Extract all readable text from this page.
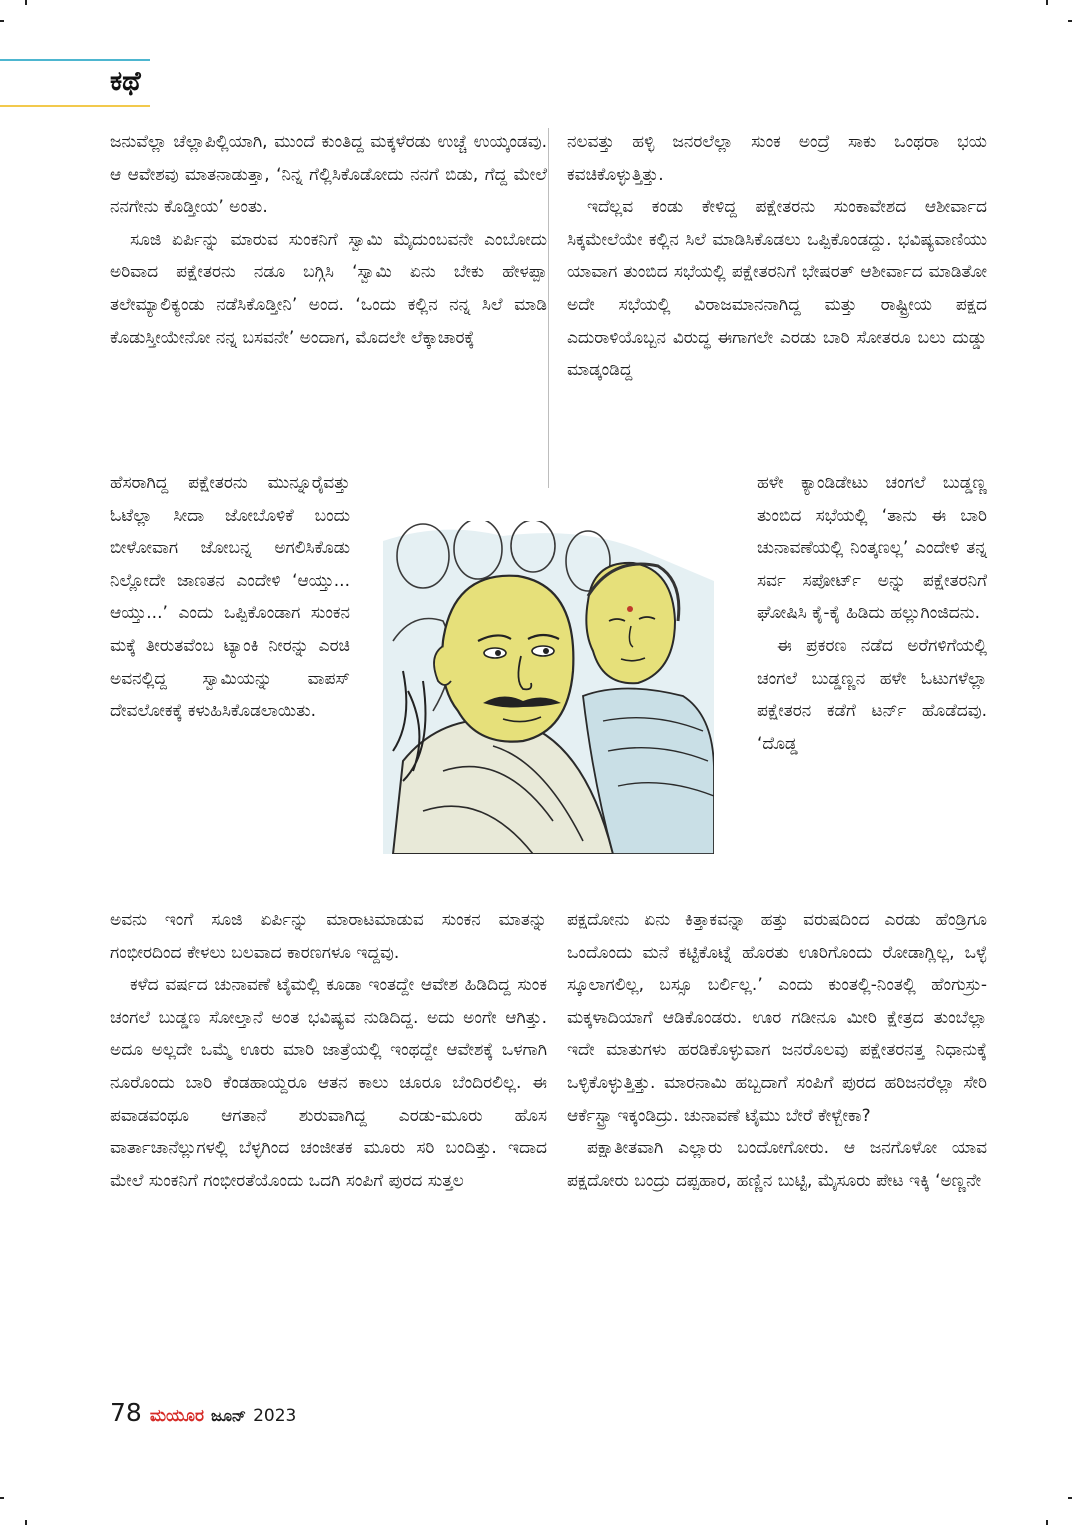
ಕಥೆ

ಜನುವೆಲ್ಲಾ ಚೆಲ್ಲಾಪಿಲ್ಲಿಯಾಗಿ, ಮುಂದೆ ಕುಂತಿದ್ದ ಮಕ್ಕಳೆರಡು ಉಚ್ಚೆ ಉಯ್ಕಂಡವು. ಆ ಆವೇಶವು ಮಾತನಾಡುತ್ತಾ, ‘ನಿನ್ನ ಗೆಲ್ಲಿಸಿಕೊಡೋದು ನನಗೆ ಬಿಡು, ಗೆದ್ದ ಮೇಲೆ ನನಗೇನು ಕೊಡ್ತೀಯ’ ಅಂತು.

ಸೂಜಿ ಏರ್ಪಿನ್ನು ಮಾರುವ ಸುಂಕನಿಗೆ ಸ್ವಾಮಿ ಮೈದುಂಬವನೇ ಎಂಬೋದು ಅರಿವಾದ ಪಕ್ಷೇತರನು ನಡೂ ಬಗ್ಗಿಸಿ ‘ಸ್ವಾಮಿ ಏನು ಬೇಕು ಹೇಳಪ್ಪಾ ತಲೇಮ್ಯಾಲಿಕ್ಯಂಡು ನಡೆಸಿಕೊಡ್ತೀನಿ’ ಅಂದ. ‘ಒಂದು ಕಲ್ಲಿನ ನನ್ನ ಸಿಲೆ ಮಾಡಿ ಕೊಡುಸ್ತೀಯೇನೋ ನನ್ನ ಬಸವನೇ’ ಅಂದಾಗ, ಮೊದಲೇ ಲೆಕ್ಕಾಚಾರಕ್ಕೆ

ಹೆಸರಾಗಿದ್ದ ಪಕ್ಷೇತರನು ಮುನ್ನೂರೈವತ್ತು ಓಟೆಲ್ಲಾ ಸೀದಾ ಜೋಬೊಳಿಕೆ ಬಂದು ಬೀಳೋವಾಗ ಜೋಬನ್ನ ಅಗಲಿಸಿಕೊಡು ನಿಲ್ಲೋದೇ ಜಾಣತನ ಎಂದೇಳಿ ‘ಆಯ್ತು... ಆಯ್ತು...’ ಎಂದು ಒಪ್ಪಿಕೊಂಡಾಗ ಸುಂಕನ ಮಕ್ಕೆ ತೀರುತವೆಂಬ ಟ್ಯಾಂಕಿ ನೀರನ್ನು ಎರಚಿ ಅವನಲ್ಲಿದ್ದ ಸ್ವಾಮಿಯನ್ನು ವಾಪಸ್ ದೇವಲೋಕಕ್ಕೆ ಕಳುಹಿಸಿಕೊಡಲಾಯಿತು.

ಅವನು ಇಂಗೆ ಸೂಜಿ ಏರ್ಪಿನ್ನು ಮಾರಾಟಮಾಡುವ ಸುಂಕನ ಮಾತನ್ನು ಗಂಭೀರದಿಂದ ಕೇಳಲು ಬಲವಾದ ಕಾರಣಗಳೂ ಇದ್ದವು.

ಕಳೆದ ವರ್ಷದ ಚುನಾವಣೆ ಟೈಮಲ್ಲಿ ಕೂಡಾ ಇಂತದ್ದೇ ಆವೇಶ ಹಿಡಿದಿದ್ದ ಸುಂಕ ಚಂಗಲೆ ಬುಡ್ಡಣ ಸೋಲ್ತಾನೆ ಅಂತ ಭವಿಷ್ಯವ ನುಡಿದಿದ್ದ. ಅದು ಅಂಗೇ ಆಗಿತ್ತು. ಅದೂ ಅಲ್ಲದೇ ಒಮ್ಮೆ ಊರು ಮಾರಿ ಜಾತ್ರೆಯಲ್ಲಿ ಇಂಥದ್ದೇ ಆವೇಶಕ್ಕೆ ಒಳಗಾಗಿ ನೂರೊಂದು ಬಾರಿ ಕೆಂಡಹಾಯ್ದರೂ ಆತನ ಕಾಲು ಚೂರೂ ಬೆಂದಿರಲಿಲ್ಲ. ಈ ಪವಾಡವಂಥೂ ಆಗತಾನೆ ಶುರುವಾಗಿದ್ದ ಎರಡು-ಮೂರು ಹೊಸ ವಾರ್ತಾಚಾನೆಲ್ಲುಗಳಲ್ಲಿ ಬೆಳ್ಳಗಿಂದ ಚಂಜೀತಕ ಮೂರು ಸರಿ ಬಂದಿತ್ತು. ಇದಾದ ಮೇಲೆ ಸುಂಕನಿಗೆ ಗಂಭೀರತೆಯೊಂದು ಒದಗಿ ಸಂಪಿಗೆ ಪುರದ ಸುತ್ತಲ

ನಲವತ್ತು ಹಳ್ಳಿ ಜನರಲೆಲ್ಲಾ ಸುಂಕ ಅಂದ್ರೆ ಸಾಕು ಒಂಥರಾ ಭಯ ಕವಚಿಕೊಳ್ಳುತ್ತಿತ್ತು.

ಇದೆಲ್ಲವ ಕಂಡು ಕೇಳಿದ್ದ ಪಕ್ಷೇತರನು ಸುಂಕಾವೇಶದ ಆಶೀರ್ವಾದ ಸಿಕ್ಕಮೇಲೆಯೇ ಕಲ್ಲಿನ ಸಿಲೆ ಮಾಡಿಸಿಕೊಡಲು ಒಪ್ಪಿಕೊಂಡದ್ದು. ಭವಿಷ್ಯವಾಣಿಯು ಯಾವಾಗ ತುಂಬಿದ ಸಭೆಯಲ್ಲಿ ಪಕ್ಷೇತರನಿಗೆ ಭೇಷರತ್ ಆಶೀರ್ವಾದ ಮಾಡಿತೋ ಅದೇ ಸಭೆಯಲ್ಲಿ ವಿರಾಜಮಾನನಾಗಿದ್ದ ಮತ್ತು ರಾಷ್ಟ್ರೀಯ ಪಕ್ಷದ ಎದುರಾಳಿಯೊಬ್ಬನ ವಿರುದ್ಧ ಈಗಾಗಲೇ ಎರಡು ಬಾರಿ ಸೋತರೂ ಬಲು ದುಡ್ಡು ಮಾಡ್ಕಂಡಿದ್ದ

ಹಳೇ ಕ್ಯಾಂಡಿಡೇಟು ಚಂಗಲೆ ಬುಡ್ಡಣ್ಣ ತುಂಬಿದ ಸಭೆಯಲ್ಲಿ ‘ತಾನು ಈ ಬಾರಿ ಚುನಾವಣೆಯಲ್ಲಿ ನಿಂತ್ಕಣಲ್ಲ’ ಎಂದೇಳಿ ತನ್ನ ಸರ್ವ ಸಪೋರ್ಟ್ ಅನ್ನು ಪಕ್ಷೇತರನಿಗೆ ಘೋಷಿಸಿ ಕೈ-ಕೈ ಹಿಡಿದು ಹಲ್ಲುಗಿಂಜಿದನು.

ಈ ಪ್ರಕರಣ ನಡೆದ ಅರೆಗಳಿಗೆಯಲ್ಲಿ ಚಂಗಲೆ ಬುಡ್ಡಣ್ಣನ ಹಳೇ ಓಟುಗಳೆಲ್ಲಾ ಪಕ್ಷೇತರನ ಕಡೆಗೆ ಟರ್ನ್ ಹೊಡೆದವು. ‘ದೊಡ್ಡ

ಪಕ್ಷದೋನು ಏನು ಕಿತ್ತಾಕವನ್ನಾ ಹತ್ತು ವರುಷದಿಂದ ಎರಡು ಹೆಂಡ್ರಿಗೂ ಒಂದೊಂದು ಮನೆ ಕಟ್ಟಿಕೊಟ್ನೆ ಹೊರತು ಊರಿಗೊಂದು ರೋಡಾಗ್ಲಿಲ್ಲ, ಒಳ್ಳೆ ಸ್ಕೂಲಾಗಲಿಲ್ಲ, ಬಸ್ಸೂ ಬರ್ಲಿಲ್ಲ.’ ಎಂದು ಕುಂತಲ್ಲಿ-ನಿಂತಲ್ಲಿ ಹೆಂಗುಸ್ರು-ಮಕ್ಕಳಾದಿಯಾಗೆ ಆಡಿಕೊಂಡರು. ಊರ ಗಡೀನೂ ಮೀರಿ ಕ್ಷೇತ್ರದ ತುಂಬೆಲ್ಲಾ ಇದೇ ಮಾತುಗಳು ಹರಡಿಕೊಳ್ಳುವಾಗ ಜನರೊಲವು ಪಕ್ಷೇತರನತ್ತ ನಿಧಾನುಕ್ಕೆ ಒಳ್ಳಿಕೊಳ್ಳುತ್ತಿತ್ತು. ಮಾರನಾಮಿ ಹಬ್ಬದಾಗೆ ಸಂಪಿಗೆ ಪುರದ ಹರಿಜನರೆಲ್ಲಾ ಸೇರಿ ಆರ್ಕೆಸ್ಟ್ರಾ ಇಕ್ಕಂಡಿದ್ರು. ಚುನಾವಣೆ ಟೈಮು ಬೇರೆ ಕೇಳ್ಬೇಕಾ?

ಪಕ್ಷಾತೀತವಾಗಿ ಎಲ್ಲಾರು ಬಂದೋಗೋರು. ಆ ಜನಗೊಳೋ ಯಾವ ಪಕ್ಷದೋರು ಬಂದ್ರು ದಪ್ಪಹಾರ, ಹಣ್ಣಿನ ಬುಟ್ಟಿ, ಮೈಸೂರು ಪೇಟ ಇಕ್ಕಿ ‘ಅಣ್ಣನೇ

78 ಮಯೂರ ಜೂನ್ 2023
